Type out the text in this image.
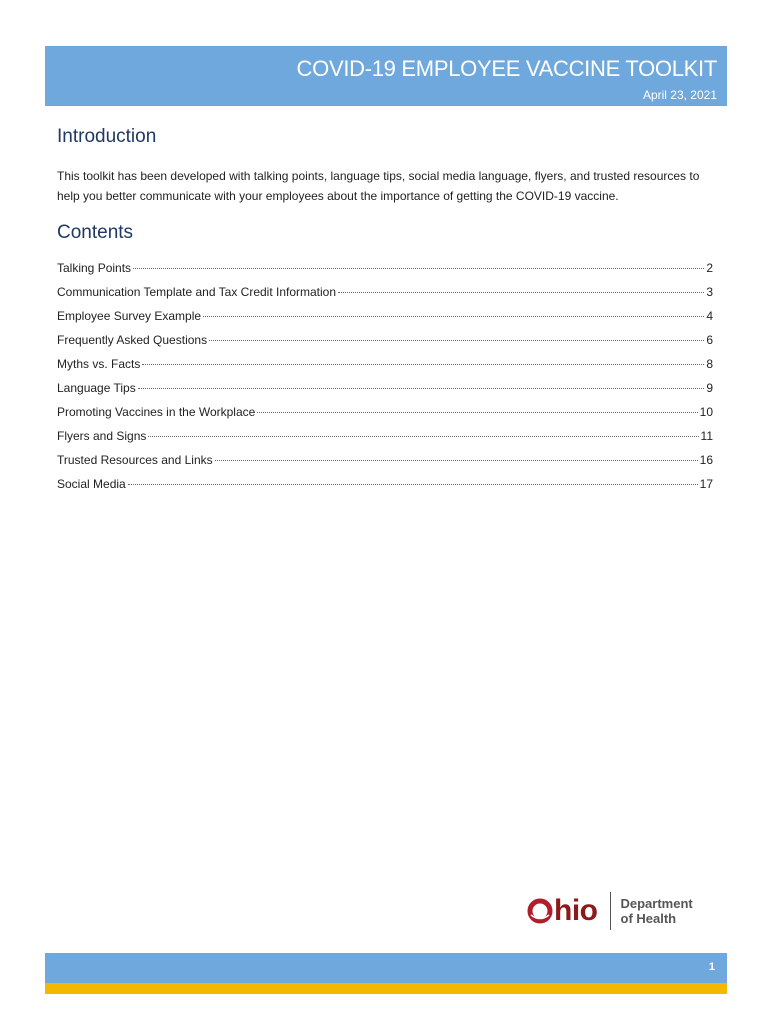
COVID-19 EMPLOYEE VACCINE TOOLKIT
April 23, 2021
Introduction

This toolkit has been developed with talking points, language tips, social media language, flyers, and trusted resources to help you better communicate with your employees about the importance of getting the COVID-19 vaccine.

Contents
Talking Points	2
Communication Template and Tax Credit Information	3
Employee Survey Example	4
Frequently Asked Questions	6
Myths vs. Facts	8
Language Tips	9
Promoting Vaccines in the Workplace	10
Flyers and Signs	11
Trusted Resources and Links	16
Social Media	17
hio Department
of Health
1
